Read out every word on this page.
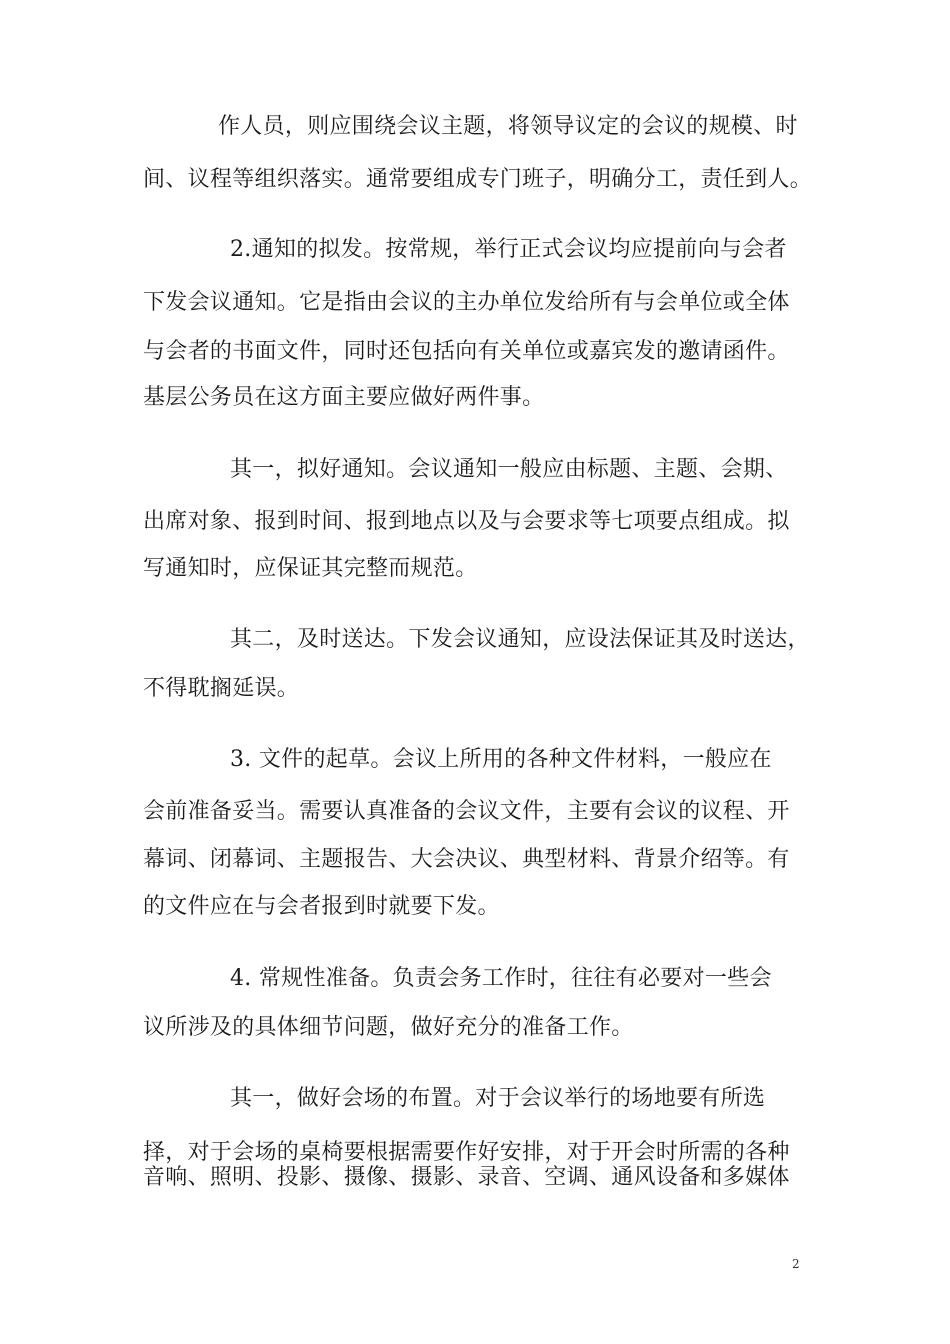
作人员，则应围绕会议主题，将领导议定的会议的规模、时
间、议程等组织落实。通常要组成专门班子，明确分工，责任到人。
2.通知的拟发。按常规，举行正式会议均应提前向与会者
下发会议通知。它是指由会议的主办单位发给所有与会单位或全体
与会者的书面文件，同时还包括向有关单位或嘉宾发的邀请函件。
基层公务员在这方面主要应做好两件事。
其一，拟好通知。会议通知一般应由标题、主题、会期、
出席对象、报到时间、报到地点以及与会要求等七项要点组成。拟
写通知时，应保证其完整而规范。
其二，及时送达。下发会议通知，应设法保证其及时送达，
不得耽搁延误。
3. 文件的起草。会议上所用的各种文件材料，一般应在
会前准备妥当。需要认真准备的会议文件，主要有会议的议程、开
幕词、闭幕词、主题报告、大会决议、典型材料、背景介绍等。有
的文件应在与会者报到时就要下发。
4. 常规性准备。负责会务工作时，往往有必要对一些会
议所涉及的具体细节问题，做好充分的准备工作。
其一，做好会场的布置。对于会议举行的场地要有所选
择，对于会场的桌椅要根据需要作好安排，对于开会时所需的各种
音响、照明、投影、摄像、摄影、录音、空调、通风设备和多媒体
2
